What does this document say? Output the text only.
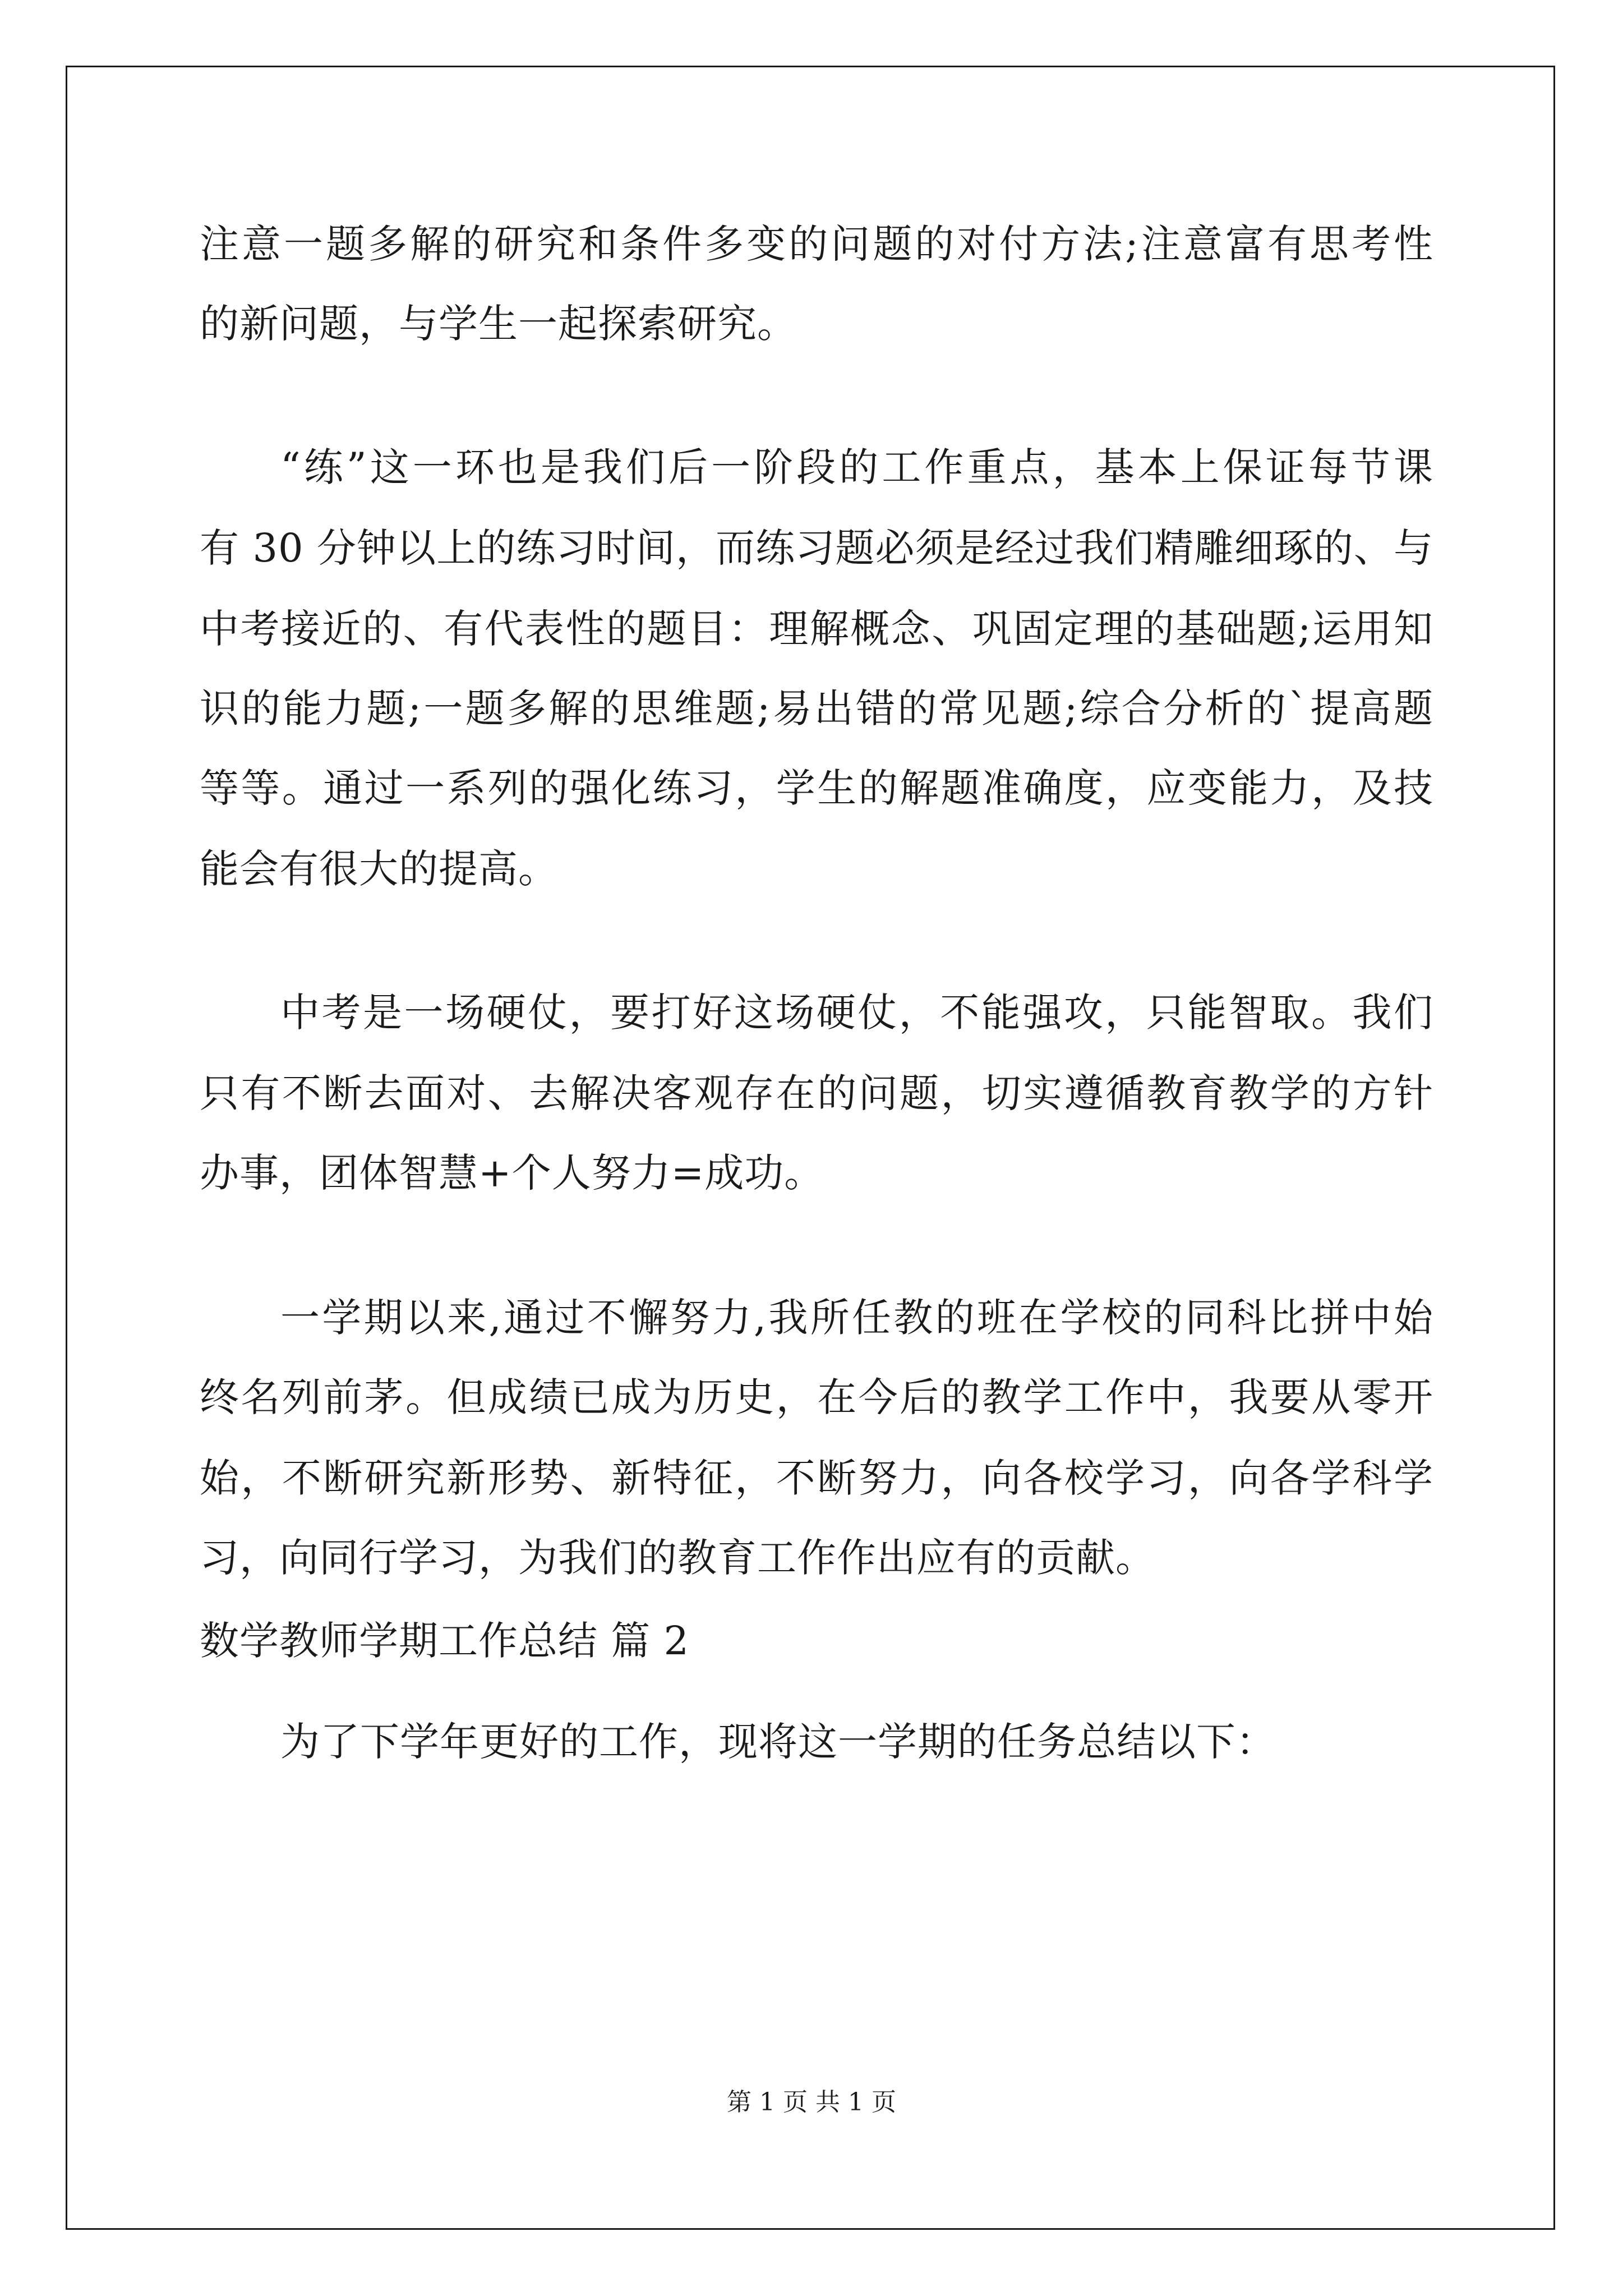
注意一题多解的研究和条件多变的问题的对付方法;注意富有思考性
的新问题，与学生一起探索研究。
“练”这一环也是我们后一阶段的工作重点，基本上保证每节课
有 30 分钟以上的练习时间，而练习题必须是经过我们精雕细琢的、与
中考接近的、有代表性的题目：理解概念、巩固定理的基础题;运用知
识的能力题;一题多解的思维题;易出错的常见题;综合分析的`提高题
等等。通过一系列的强化练习，学生的解题准确度，应变能力，及技
能会有很大的提高。
中考是一场硬仗，要打好这场硬仗，不能强攻，只能智取。我们
只有不断去面对、去解决客观存在的问题，切实遵循教育教学的方针
办事，团体智慧+个人努力=成功。
一学期以来,通过不懈努力,我所任教的班在学校的同科比拼中始
终名列前茅。但成绩已成为历史，在今后的教学工作中，我要从零开
始，不断研究新形势、新特征，不断努力，向各校学习，向各学科学
习，向同行学习，为我们的教育工作作出应有的贡献。
数学教师学期工作总结 篇 2
为了下学年更好的工作，现将这一学期的任务总结以下：
第 1 页 共 1 页
